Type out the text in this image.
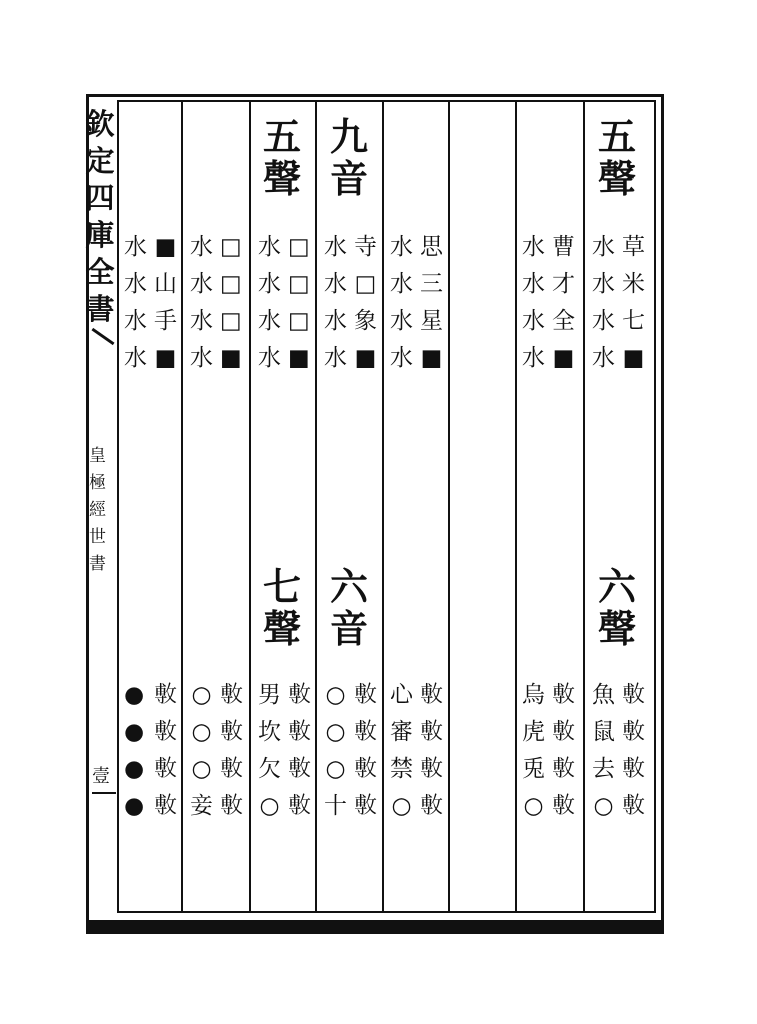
欽
定
四
庫
全
書
皇
極
經
世
書
壹
五
聲
六
聲
九
音
六
音
五
聲
七
聲
草
米
七
■
水
水
水
水
曹
才
全
■
水
水
水
水
思
三
星
■
水
水
水
水
寺
□
象
■
水
水
水
水
□
□
□
■
水
水
水
水
□
□
□
■
水
水
水
水
■
山
手
■
水
水
水
水
𢾭
𢾭
𢾭
𢾭
魚
鼠
去
○
𢾭
𢾭
𢾭
𢾭
烏
虎
兎
○
𢾭
𢾭
𢾭
𢾭
心
審
禁
○
𢾭
𢾭
𢾭
𢾭
○
○
○
十
𢾭
𢾭
𢾭
𢾭
男
坎
欠
○
𢾭
𢾭
𢾭
𢾭
○
○
○
妾
𢾭
𢾭
𢾭
𢾭
●
●
●
●
